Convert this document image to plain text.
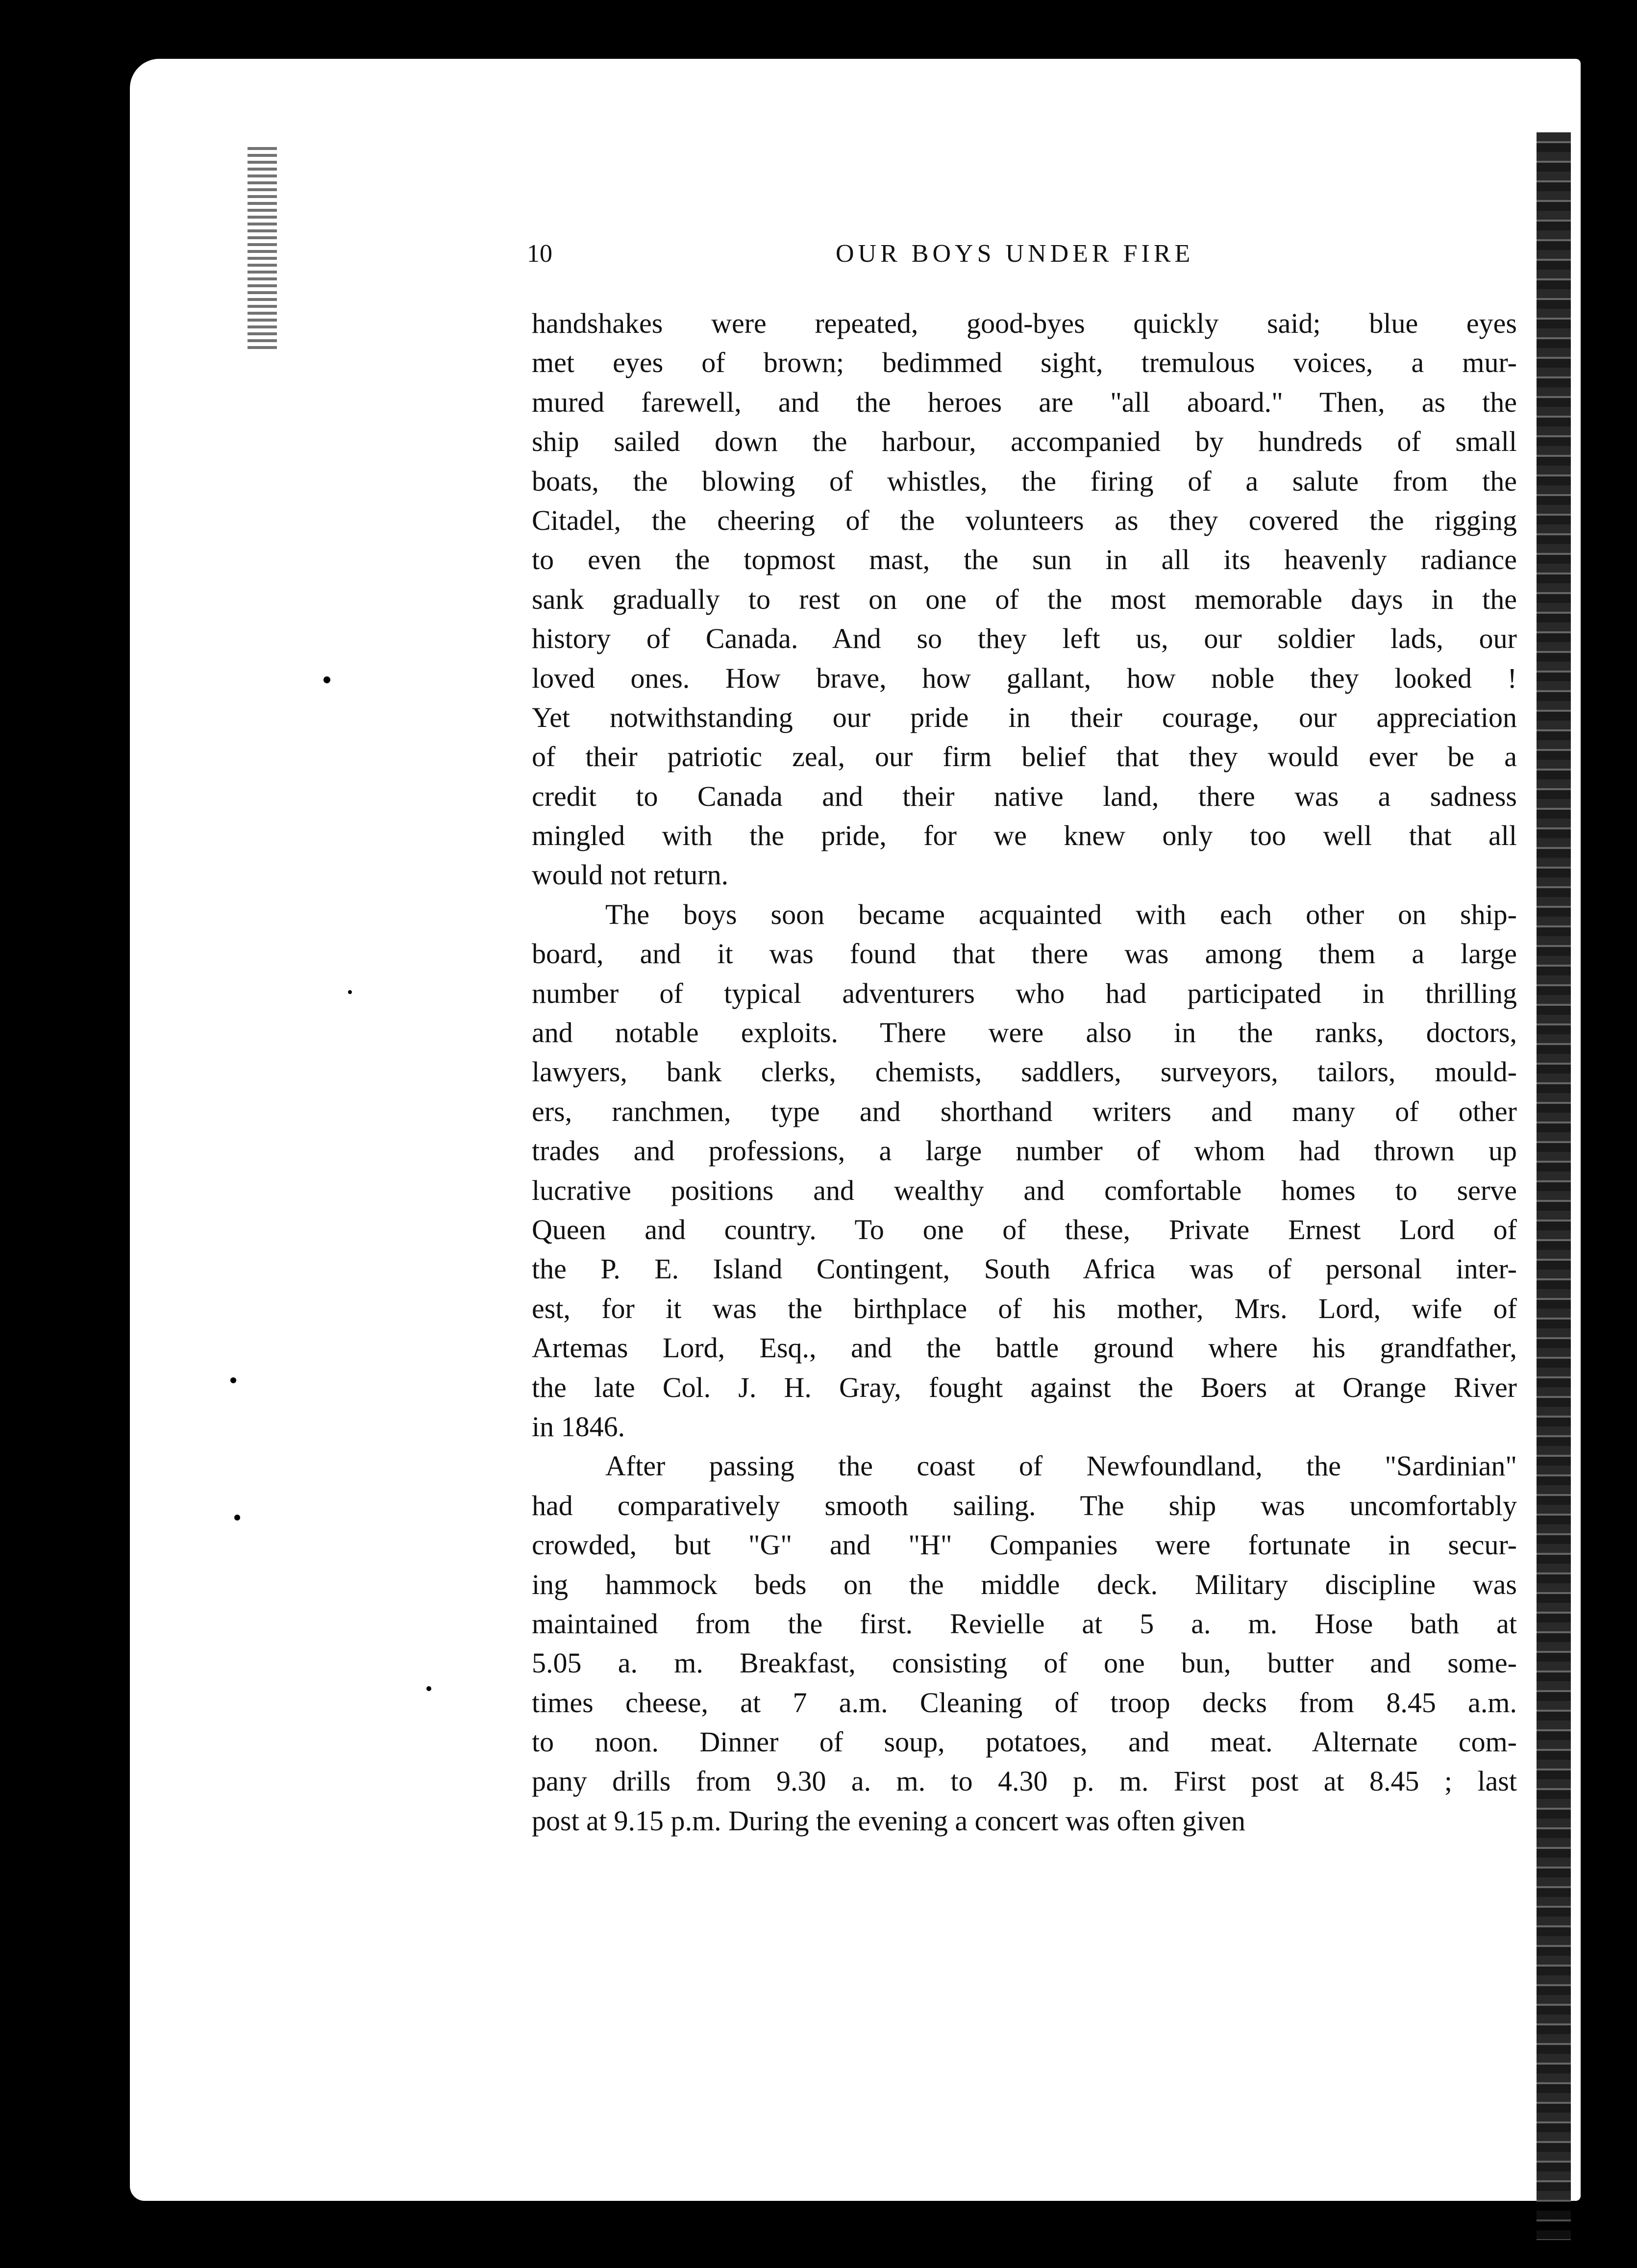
10	OUR BOYS UNDER FIRE
handshakes were repeated, good-byes quickly said; blue eyes
met eyes of brown; bedimmed sight, tremulous voices, a mur-
mured farewell, and the heroes are "all aboard." Then, as the
ship sailed down the harbour, accompanied by hundreds of small
boats, the blowing of whistles, the firing of a salute from the
Citadel, the cheering of the volunteers as they covered the rigging
to even the topmost mast, the sun in all its heavenly radiance
sank gradually to rest on one of the most memorable days in the
history of Canada. And so they left us, our soldier lads, our
loved ones. How brave, how gallant, how noble they looked !
Yet notwithstanding our pride in their courage, our appreciation
of their patriotic zeal, our firm belief that they would ever be a
credit to Canada and their native land, there was a sadness
mingled with the pride, for we knew only too well that all
would not return.
The boys soon became acquainted with each other on ship-
board, and it was found that there was among them a large
number of typical adventurers who had participated in thrilling
and notable exploits. There were also in the ranks, doctors,
lawyers, bank clerks, chemists, saddlers, surveyors, tailors, mould-
ers, ranchmen, type and shorthand writers and many of other
trades and professions, a large number of whom had thrown up
lucrative positions and wealthy and comfortable homes to serve
Queen and country. To one of these, Private Ernest Lord of
the P. E. Island Contingent, South Africa was of personal inter-
est, for it was the birthplace of his mother, Mrs. Lord, wife of
Artemas Lord, Esq., and the battle ground where his grandfather,
the late Col. J. H. Gray, fought against the Boers at Orange River
in 1846.
After passing the coast of Newfoundland, the "Sardinian"
had comparatively smooth sailing. The ship was uncomfortably
crowded, but "G" and "H" Companies were fortunate in secur-
ing hammock beds on the middle deck. Military discipline was
maintained from the first. Revielle at 5 a. m. Hose bath at
5.05 a. m. Breakfast, consisting of one bun, butter and some-
times cheese, at 7 a.m. Cleaning of troop decks from 8.45 a.m.
to noon. Dinner of soup, potatoes, and meat. Alternate com-
pany drills from 9.30 a. m. to 4.30 p. m. First post at 8.45 ; last
post at 9.15 p.m. During the evening a concert was often given
